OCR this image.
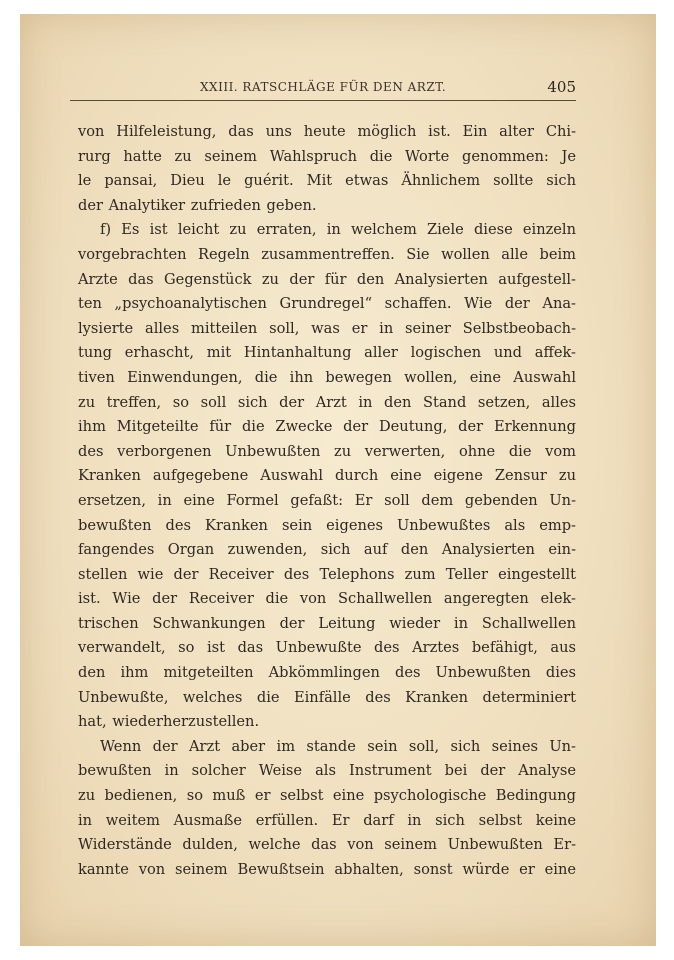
XXIII. RATSCHLÄGE FÜR DEN ARZT.	405
von Hilfeleistung, das uns heute möglich ist. Ein alter Chi-
rurg hatte zu seinem Wahlspruch die Worte genommen: Je
le pansai, Dieu le guérit. Mit etwas Ähnlichem sollte sich
der Analytiker zufrieden geben.
f) Es ist leicht zu erraten, in welchem Ziele diese einzeln
vorgebrachten Regeln zusammentreffen. Sie wollen alle beim
Arzte das Gegenstück zu der für den Analysierten aufgestell-
ten „psychoanalytischen Grundregel“ schaffen. Wie der Ana-
lysierte alles mitteilen soll, was er in seiner Selbstbeobach-
tung erhascht, mit Hintanhaltung aller logischen und affek-
tiven Einwendungen, die ihn bewegen wollen, eine Auswahl
zu treffen, so soll sich der Arzt in den Stand setzen, alles
ihm Mitgeteilte für die Zwecke der Deutung, der Erkennung
des verborgenen Unbewußten zu verwerten, ohne die vom
Kranken aufgegebene Auswahl durch eine eigene Zensur zu
ersetzen, in eine Formel gefaßt: Er soll dem gebenden Un-
bewußten des Kranken sein eigenes Unbewußtes als emp-
fangendes Organ zuwenden, sich auf den Analysierten ein-
stellen wie der Receiver des Telephons zum Teller eingestellt
ist. Wie der Receiver die von Schallwellen angeregten elek-
trischen Schwankungen der Leitung wieder in Schallwellen
verwandelt, so ist das Unbewußte des Arztes befähigt, aus
den ihm mitgeteilten Abkömmlingen des Unbewußten dies
Unbewußte, welches die Einfälle des Kranken determiniert
hat, wiederherzustellen.
Wenn der Arzt aber im stande sein soll, sich seines Un-
bewußten in solcher Weise als Instrument bei der Analyse
zu bedienen, so muß er selbst eine psychologische Bedingung
in weitem Ausmaße erfüllen. Er darf in sich selbst keine
Widerstände dulden, welche das von seinem Unbewußten Er-
kannte von seinem Bewußtsein abhalten, sonst würde er eine
